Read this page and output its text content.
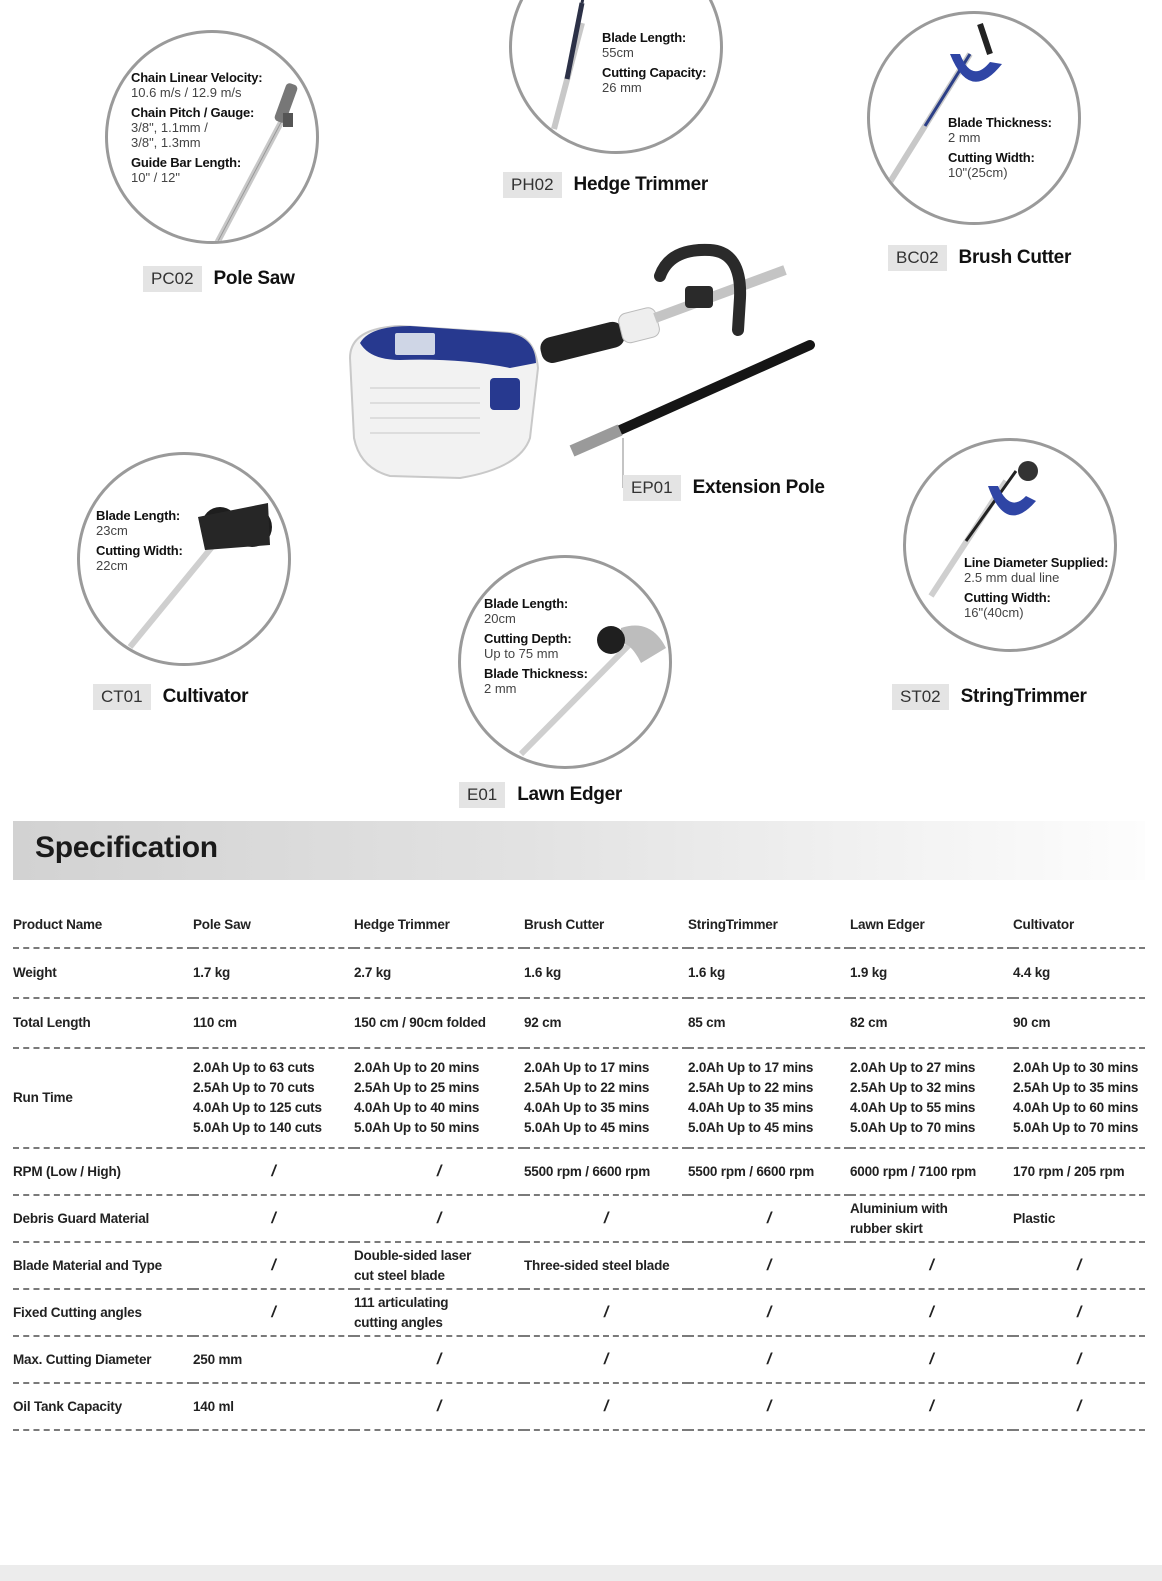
Chain Linear Velocity:
10.6 m/s / 12.9 m/s
Chain Pitch / Gauge:
3/8", 1.1mm /
3/8", 1.3mm
Guide Bar Length:
10" / 12"
PC02	Pole Saw
Blade Length:
55cm
Cutting Capacity:
26 mm
PH02	Hedge Trimmer
Blade Thickness:
2 mm
Cutting Width:
10"(25cm)
BC02	Brush Cutter
EP01	Extension Pole
Blade Length:
23cm
Cutting Width:
22cm
CT01	Cultivator
Blade Length:
20cm
Cutting Depth:
Up to 75 mm
Blade Thickness:
2 mm
E01	Lawn Edger
Line Diameter Supplied:
2.5 mm dual line
Cutting Width:
16"(40cm)
ST02	StringTrimmer
Specification
Product Name	Pole Saw	Hedge Trimmer	Brush Cutter	StringTrimmer	Lawn Edger	Cultivator
Weight	1.7 kg	2.7 kg	1.6 kg	1.6 kg	1.9 kg	4.4 kg
Total Length	110 cm	150 cm / 90cm folded	92 cm	85 cm	82 cm	90 cm
Run Time	2.0Ah Up to 63 cuts
2.5Ah Up to 70 cuts
4.0Ah Up to 125 cuts
5.0Ah Up to 140 cuts	2.0Ah Up to 20 mins
2.5Ah Up to 25 mins
4.0Ah Up to 40 mins
5.0Ah Up to 50 mins	2.0Ah Up to 17 mins
2.5Ah Up to 22 mins
4.0Ah Up to 35 mins
5.0Ah Up to 45 mins	2.0Ah Up to 17 mins
2.5Ah Up to 22 mins
4.0Ah Up to 35 mins
5.0Ah Up to 45 mins	2.0Ah Up to 27 mins
2.5Ah Up to 32 mins
4.0Ah Up to 55 mins
5.0Ah Up to 70 mins	2.0Ah Up to 30 mins
2.5Ah Up to 35 mins
4.0Ah Up to 60 mins
5.0Ah Up to 70 mins
RPM (Low / High)	/	/	5500 rpm / 6600 rpm	5500 rpm / 6600 rpm	6000 rpm / 7100 rpm	170 rpm / 205 rpm
Debris Guard Material	/	/	/	/	Aluminium with
rubber skirt	Plastic
Blade Material and Type	/	Double-sided laser
cut steel blade	Three-sided steel blade	/	/	/
Fixed Cutting angles	/	111 articulating
cutting angles	/	/	/	/
Max. Cutting Diameter	250 mm	/	/	/	/	/
Oil Tank Capacity	140 ml	/	/	/	/	/
